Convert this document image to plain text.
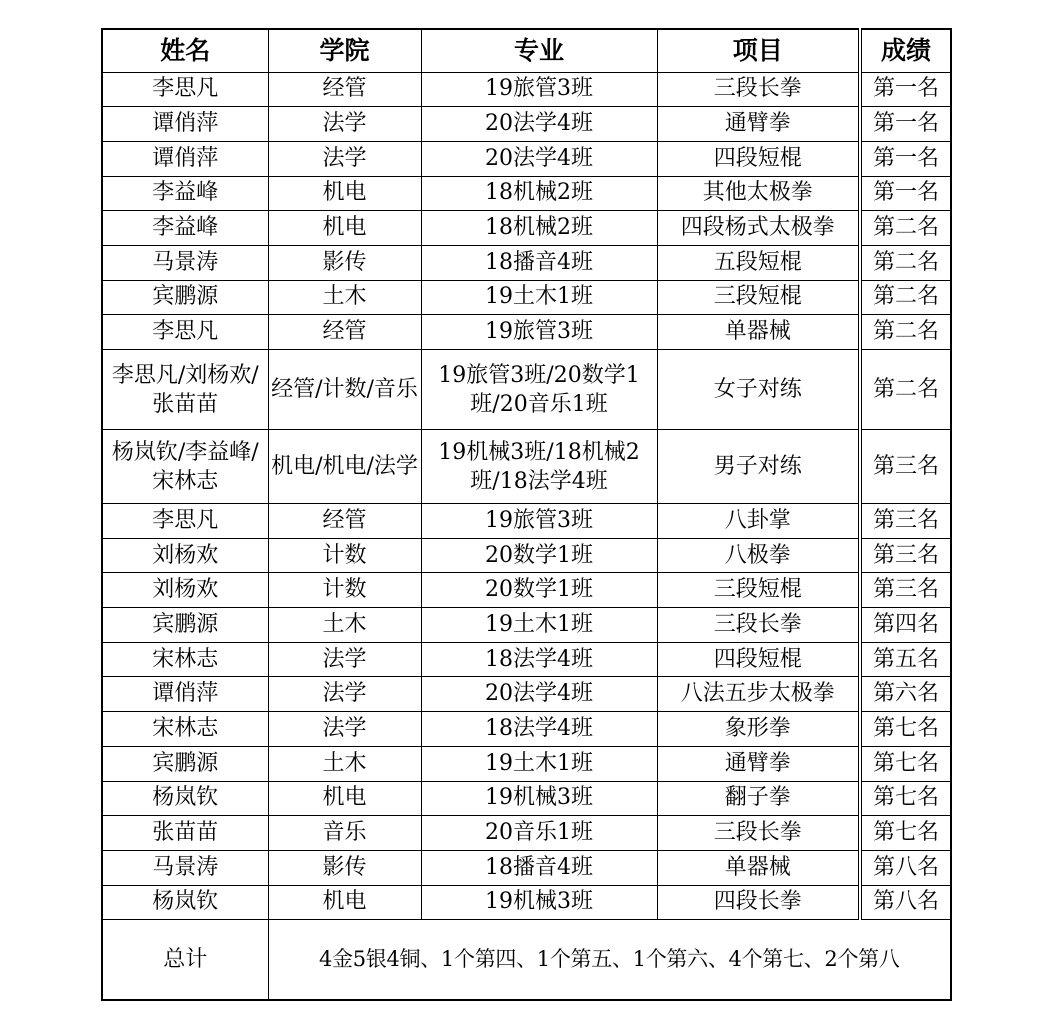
姓名	学院	专业	项目	成绩
李思凡	经管	19旅管3班	三段长拳	第一名
谭俏萍	法学	20法学4班	通臂拳	第一名
谭俏萍	法学	20法学4班	四段短棍	第一名
李益峰	机电	18机械2班	其他太极拳	第一名
李益峰	机电	18机械2班	四段杨式太极拳	第二名
马景涛	影传	18播音4班	五段短棍	第二名
宾鹏源	土木	19土木1班	三段短棍	第二名
李思凡	经管	19旅管3班	单器械	第二名
李思凡/刘杨欢/张苗苗	经管/计数/音乐	19旅管3班/20数学1班/20音乐1班	女子对练	第二名
杨岚钦/李益峰/宋林志	机电/机电/法学	19机械3班/18机械2班/18法学4班	男子对练	第三名
李思凡	经管	19旅管3班	八卦掌	第三名
刘杨欢	计数	20数学1班	八极拳	第三名
刘杨欢	计数	20数学1班	三段短棍	第三名
宾鹏源	土木	19土木1班	三段长拳	第四名
宋林志	法学	18法学4班	四段短棍	第五名
谭俏萍	法学	20法学4班	八法五步太极拳	第六名
宋林志	法学	18法学4班	象形拳	第七名
宾鹏源	土木	19土木1班	通臂拳	第七名
杨岚钦	机电	19机械3班	翻子拳	第七名
张苗苗	音乐	20音乐1班	三段长拳	第七名
马景涛	影传	18播音4班	单器械	第八名
杨岚钦	机电	19机械3班	四段长拳	第八名
总计	4金5银4铜、1个第四、1个第五、1个第六、4个第七、2个第八			
